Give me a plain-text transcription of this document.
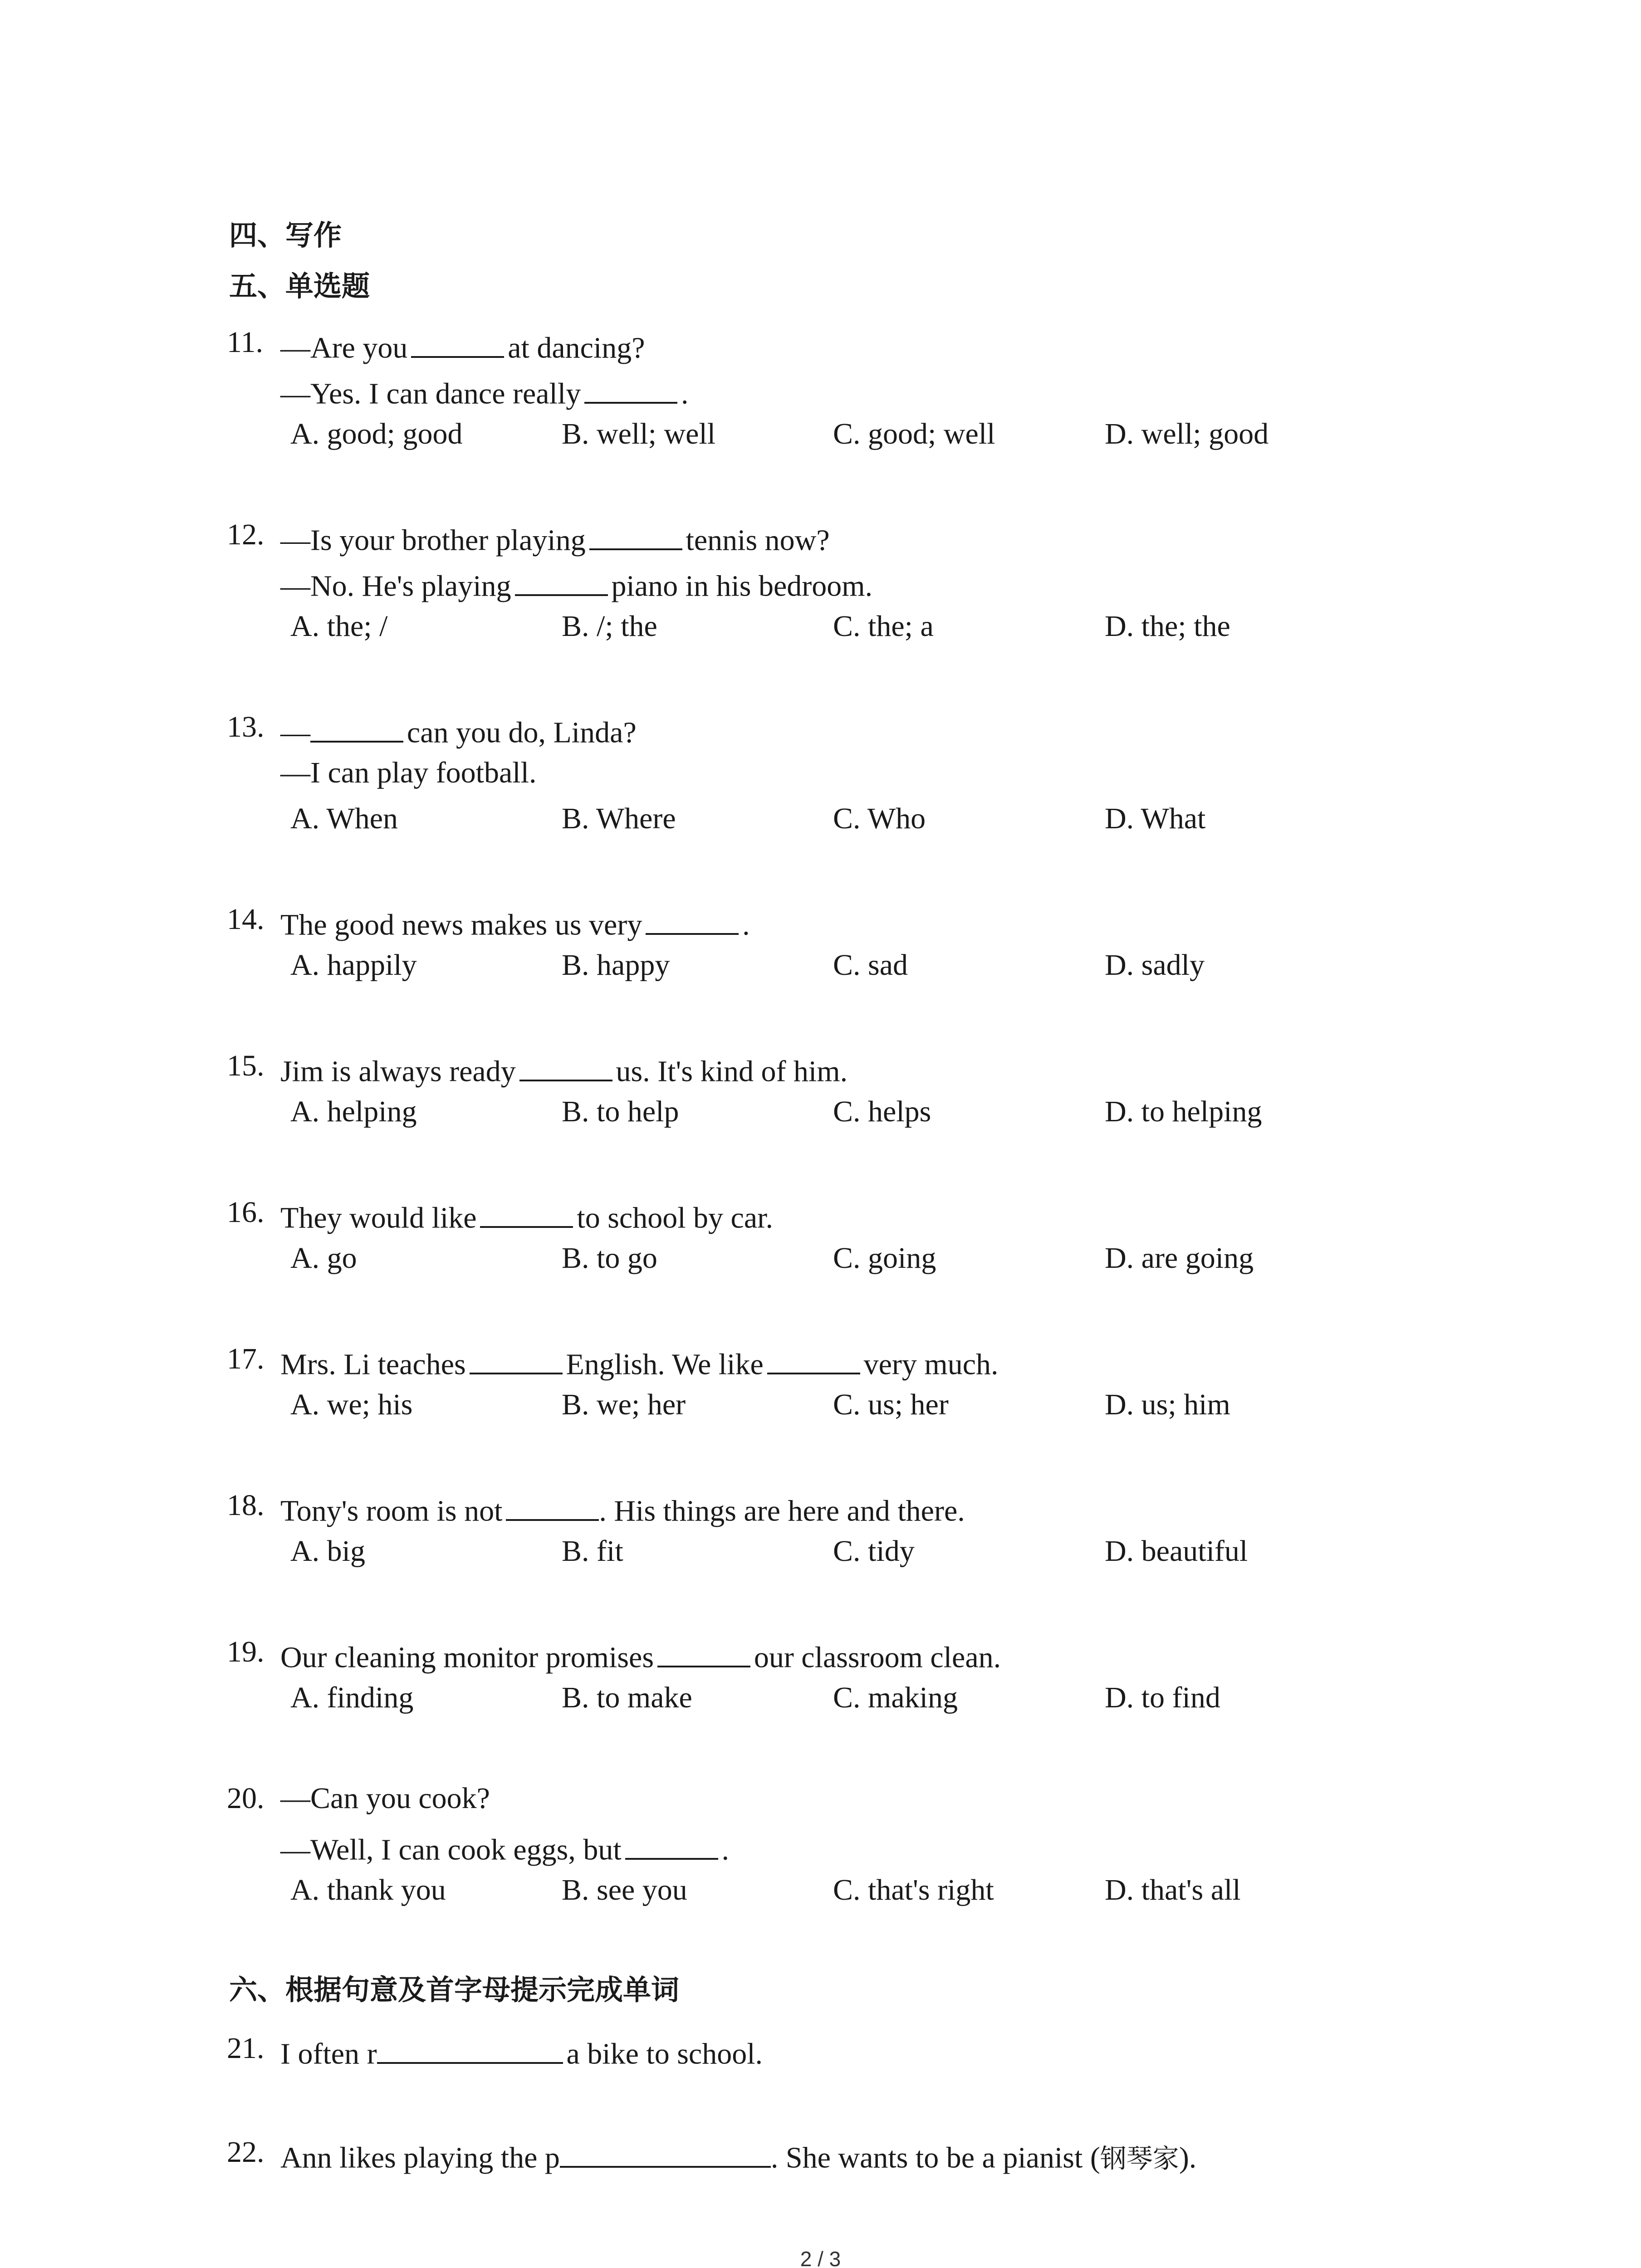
四、写作
五、单选题
11. —Are you	at dancing?
—Yes. I can dance really	.
A. good; good	B. well; well	C. good; well	D. well; good
12. —Is your brother playing	tennis now?
—No. He's playing	piano in his bedroom.
A. the; /	B. /; the	C. the; a	D. the; the
13. —	can you do, Linda?
—I can play football.
A. When	B. Where	C. Who	D. What
14. The good news makes us very	.
A. happily	B. happy	C. sad	D. sadly
15. Jim is always ready	us. It's kind of him.
A. helping	B. to help	C. helps	D. to helping
16. They would like	to school by car.
A. go	B. to go	C. going	D. are going
17. Mrs. Li teaches	English. We like	very much.
A. we; his	B. we; her	C. us; her	D. us; him
18. Tony's room is not	. His things are here and there.
A. big	B. fit	C. tidy	D. beautiful
19. Our cleaning monitor promises	our classroom clean.
A. finding	B. to make	C. making	D. to find
20. —Can you cook?
—Well, I can cook eggs, but	.
A. thank you	B. see you	C. that's right	D. that's all
六、根据句意及首字母提示完成单词
21. I often r	a bike to school.
22. Ann likes playing the p	. She wants to be a pianist (钢琴家).
2 / 3
